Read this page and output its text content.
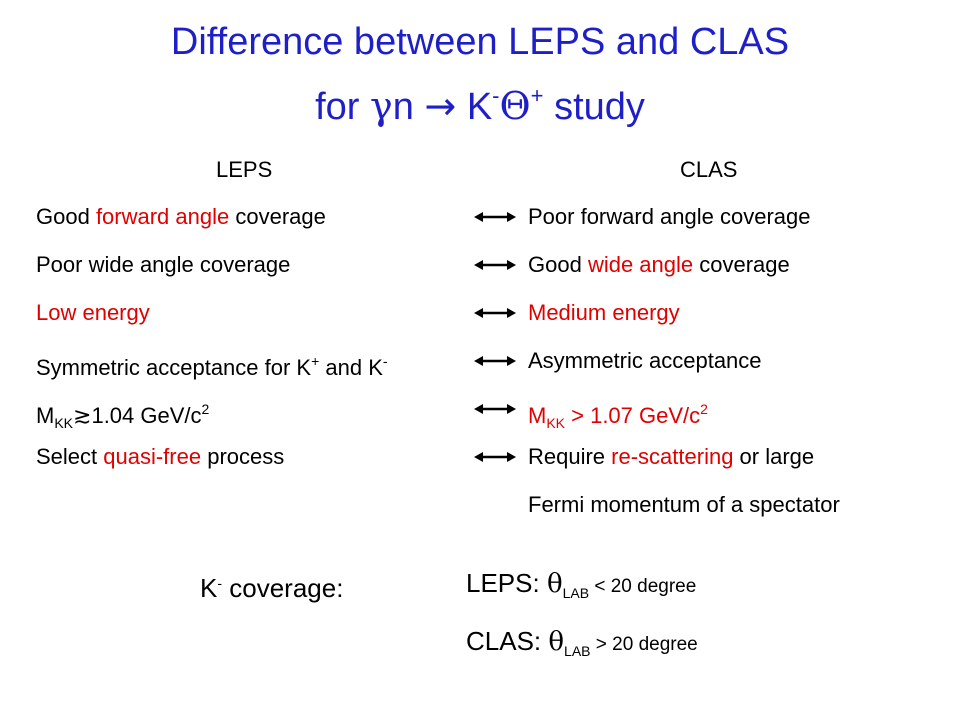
Difference between LEPS and CLAS
for γn → K-Θ+ study
LEPS	CLAS
Good forward angle coverage	Poor forward angle coverage
Poor wide angle coverage	Good wide angle coverage
Low energy	Medium energy
Symmetric acceptance for K+ and K-	Asymmetric acceptance
$M_{KK}≳1.04$ GeV/$c^2$	$M_{KK} > 1.07$ GeV/$c^2$
Select quasi-free process	Require re-scattering or large
Fermi momentum of a spectator
K- coverage:	LEPS: $\theta_{LAB} < 20$ degree
CLAS: $\theta_{LAB} > 20$ degree
